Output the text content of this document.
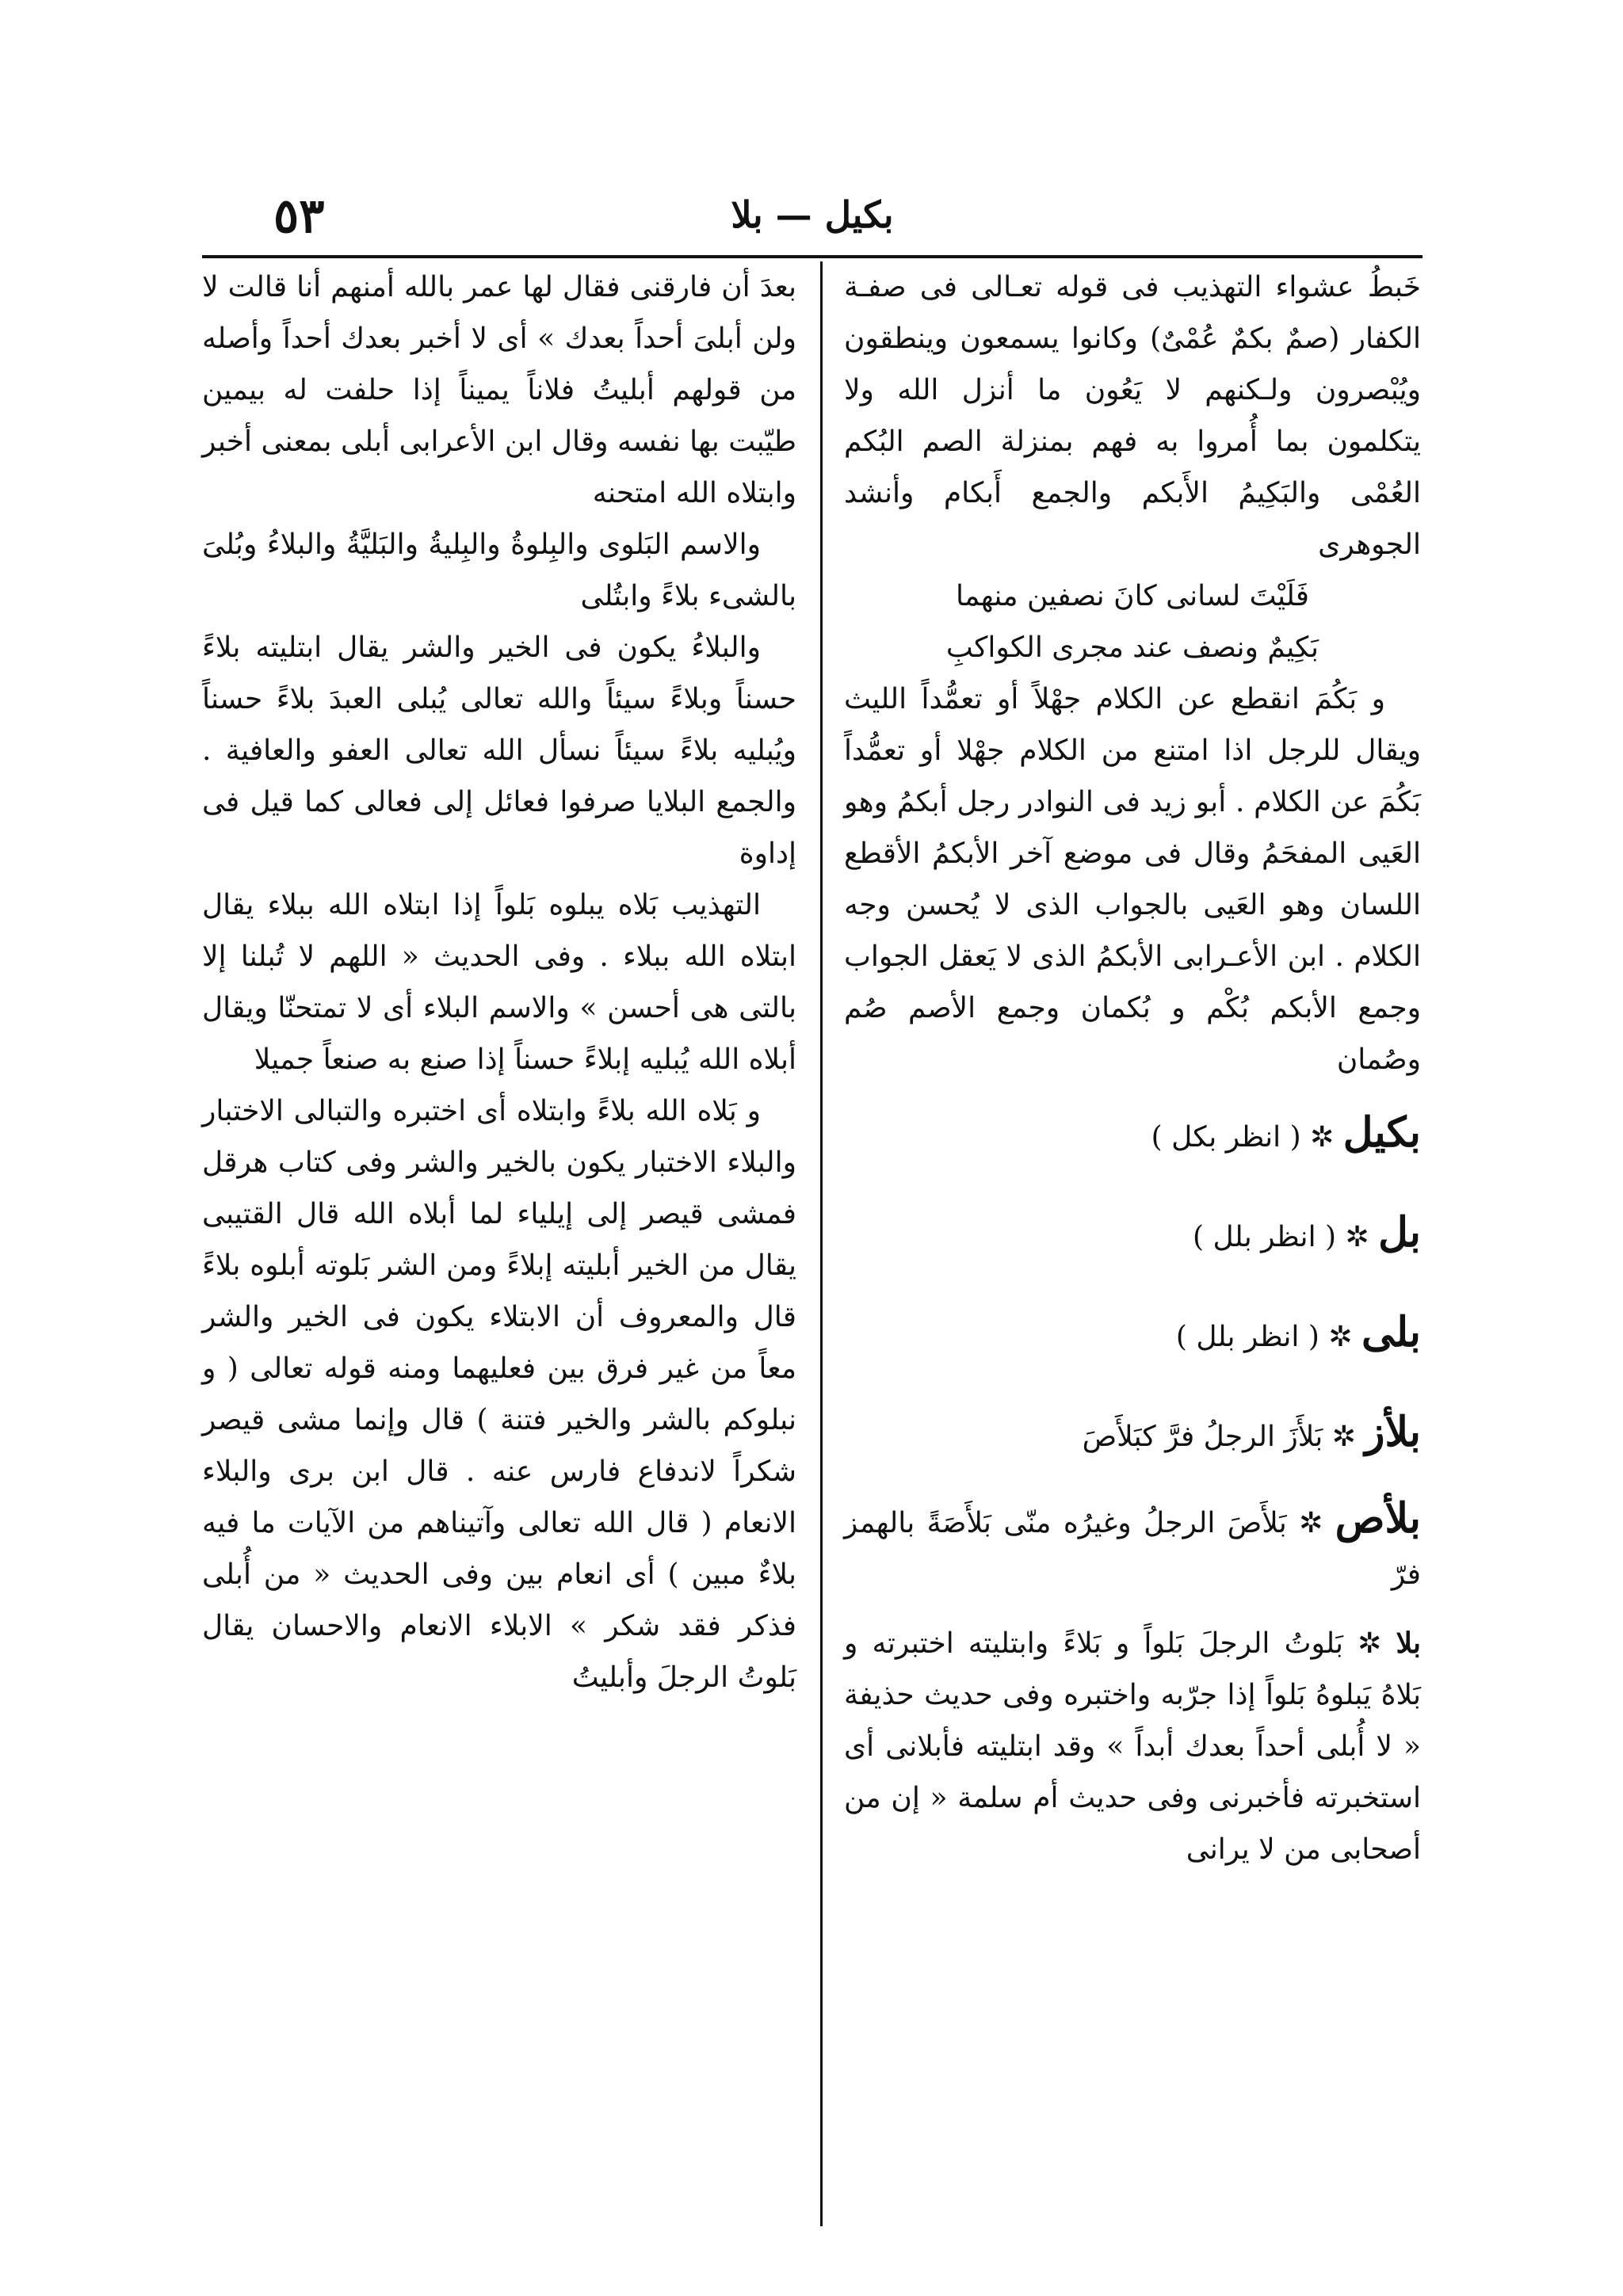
٥٣	بكيل — بلا

خَبطُ عشواء التهذيب فى قوله تعـالى فى صفـة الكفار (صمٌ بكمٌ عُمْىٌ) وكانوا يسمعون وينطقون ويُبْصرون ولـكنهم لا يَعُون ما أنزل الله ولا يتكلمون بما أُمروا به فهم بمنزلة الصم البُكم العُمْى والبَكِيمُ الأَبكم والجمع أَبكام وأنشد الجوهرى

فَلَيْتَ لسانى كانَ نصفين منهما

بَكِيمٌ ونصف عند مجرى الكواكبِ

و بَكُمَ انقطع عن الكلام جهْلاً أو تعمُّداً الليث ويقال للرجل اذا امتنع من الكلام جهْلا أو تعمُّداً بَكُمَ عن الكلام . أبو زيد فى النوادر رجل أبكمُ وهو العَيى المفحَمُ وقال فى موضع آخر الأبكمُ الأقطع اللسان وهو العَيى بالجواب الذى لا يُحسن وجه الكلام . ابن الأعـرابى الأبكمُ الذى لا يَعقل الجواب وجمع الأبكم بُكْم و بُكمان وجمع الأصم صُم وصُمان

بكيل ✲ ( انظر بكل )
بل ✲ ( انظر بلل )
بلى ✲ ( انظر بلل )
بلأز ✲ بَلأَزَ الرجلُ فرَّ كبَلأَصَ
بلأص ✲ بَلأَصَ الرجلُ وغيرُه منّى بَلأَصَةً بالهمز فرّ
بلا ✲ بَلوتُ الرجلَ بَلواً و بَلاءً وابتليته اختبرته و بَلاهُ يَبلوهُ بَلواً إذا جرّبه واختبره وفى حديث حذيفة « لا أُبلى أحداً بعدك أبداً » وقد ابتليته فأبلانى أى استخبرته فأخبرنى وفى حديث أم سلمة « إن من أصحابى من لا يرانى

بعدَ أن فارقنى فقال لها عمر بالله أمنهم أنا قالت لا ولن أبلىَ أحداً بعدك » أى لا أخبر بعدك أحداً وأصله من قولهم أبليتُ فلاناً يميناً إذا حلفت له بيمين طيّبت بها نفسه وقال ابن الأعرابى أبلى بمعنى أخبر وابتلاه الله امتحنه

والاسم البَلوى والبِلوةُ والبِليةُ والبَليَّةُ والبلاءُ وبُلىَ بالشىء بلاءً وابتُلى

والبلاءُ يكون فى الخير والشر يقال ابتليته بلاءً حسناً وبلاءً سيئاً والله تعالى يُبلى العبدَ بلاءً حسناً ويُبليه بلاءً سيئاً نسأل الله تعالى العفو والعافية . والجمع البلايا صرفوا فعائل إلى فعالى كما قيل فى إداوة

التهذيب بَلاه يبلوه بَلواً إذا ابتلاه الله ببلاء يقال ابتلاه الله ببلاء . وفى الحديث « اللهم لا تُبلنا إلا بالتى هى أحسن » والاسم البلاء أى لا تمتحنّا ويقال أبلاه الله يُبليه إبلاءً حسناً إذا صنع به صنعاً جميلا

و بَلاه الله بلاءً وابتلاه أى اختبره والتبالى الاختبار والبلاء الاختبار يكون بالخير والشر وفى كتاب هرقل فمشى قيصر إلى إيلياء لما أبلاه الله قال القتيبى يقال من الخير أبليته إبلاءً ومن الشر بَلوته أبلوه بلاءً قال والمعروف أن الابتلاء يكون فى الخير والشر معاً من غير فرق بين فعليهما ومنه قوله تعالى ( و نبلوكم بالشر والخير فتنة ) قال وإنما مشى قيصر شكراً لاندفاع فارس عنه . قال ابن برى والبلاء الانعام ( قال الله تعالى وآتيناهم من الآيات ما فيه بلاءٌ مبين ) أى انعام بين وفى الحديث « من أُبلى فذكر فقد شكر » الابلاء الانعام والاحسان يقال بَلوتُ الرجلَ وأبليتُ
